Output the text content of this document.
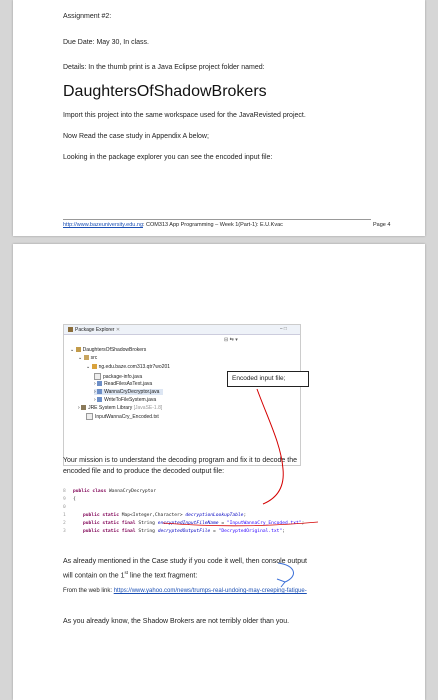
Assignment #2:
Due Date: May 30, In class.
Details: In the thumb print is a Java Eclipse project folder named:
DaughtersOfShadowBrokers
Import this project into the same workspace used for the JavaRevisted project.
Now Read the case study in Appendix A below;
Looking in the package explorer you can see the encoded input file:
http://www.bazeuniversity.edu.ng: COM313 App Programming – Week 1(Part-1): E.U.Kvac	Page 4
Package Explorer ✕	⎯ □
⊟ ⇆ ▾
⌄ DaughtersOfShadowBrokers
⌄ src
⌄ ng.edu.baze.com313.qtr7wo201
package-info.java
› ReadFilesAsText.java
› WannaCryDecryptor.java
› WriteToFileSystem.java
› JRE System Library [JavaSE-1.8]
InputWannaCry_Encoded.txt
Encoded input file;
Your mission is to understand the decoding program and fix it to decode the
encoded file and to produce the decoded output file:
8	public class WannaCryDecryptor
9	{
0
1	public static Map<Integer,Character> decryptionLookupTable;
2	public static final String encryptedInputFileName = "InputWannaCry_Encoded.txt";
3	public static final String decryptedOutputFile = "DecryptedOriginal.txt";
As already mentioned in the Case study if you code it well, then console output
will contain on the 1st line the text fragment:
From the web link: https://www.yahoo.com/news/trumps-real-undoing-may-creeping-fatigue-
As you already know, the Shadow Brokers are not terribly older than you.
